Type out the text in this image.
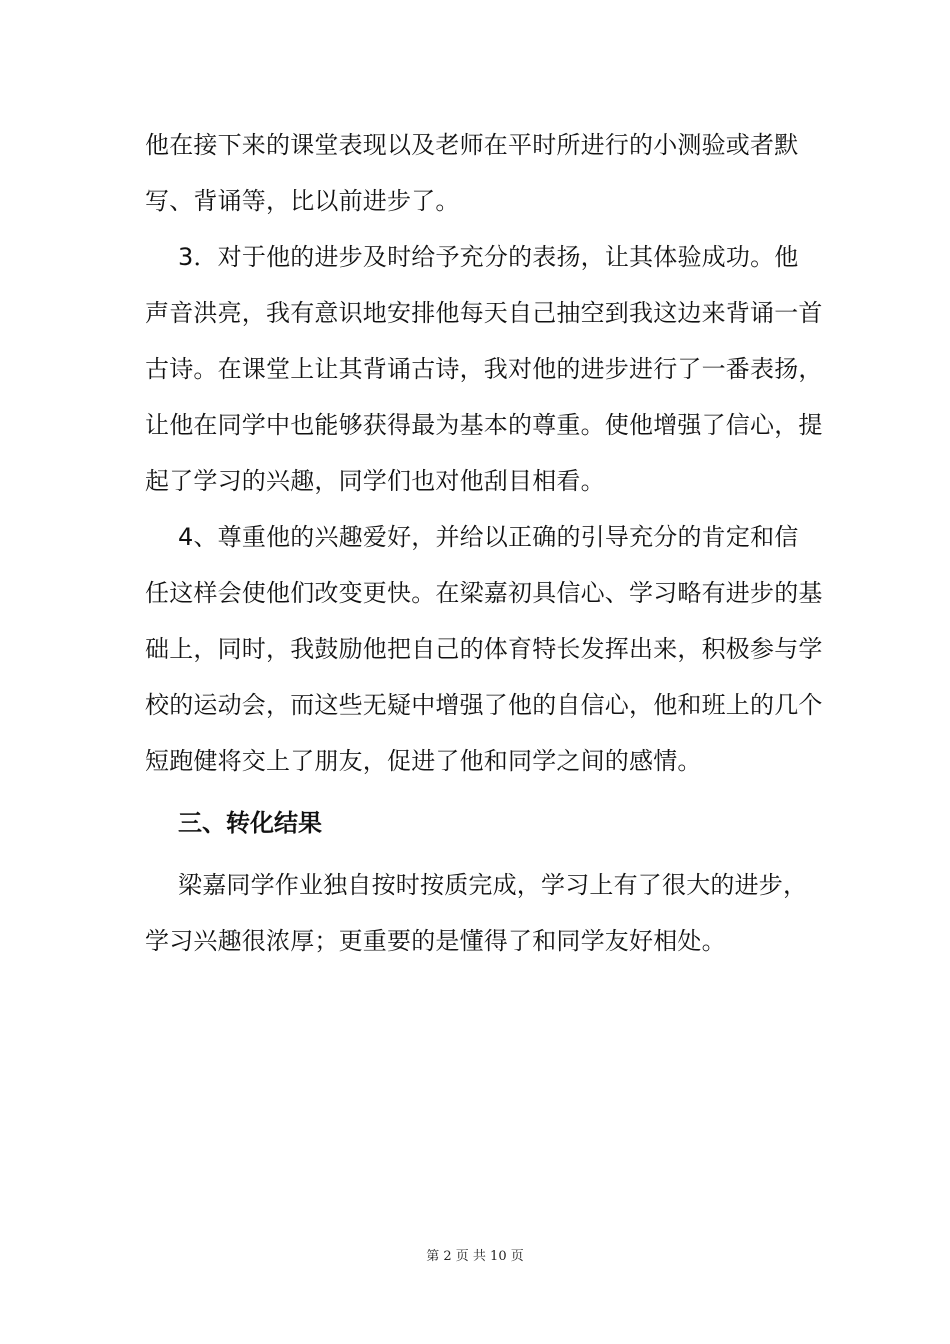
他在接下来的课堂表现以及老师在平时所进行的小测验或者默
写、背诵等，比以前进步了。
3．对于他的进步及时给予充分的表扬，让其体验成功。他
声音洪亮，我有意识地安排他每天自己抽空到我这边来背诵一首
古诗。在课堂上让其背诵古诗，我对他的进步进行了一番表扬，
让他在同学中也能够获得最为基本的尊重。使他增强了信心，提
起了学习的兴趣，同学们也对他刮目相看。
4、尊重他的兴趣爱好，并给以正确的引导充分的肯定和信
任这样会使他们改变更快。在梁嘉初具信心、学习略有进步的基
础上，同时，我鼓励他把自己的体育特长发挥出来，积极参与学
校的运动会，而这些无疑中增强了他的自信心，他和班上的几个
短跑健将交上了朋友，促进了他和同学之间的感情。
三、转化结果
梁嘉同学作业独自按时按质完成，学习上有了很大的进步，
学习兴趣很浓厚；更重要的是懂得了和同学友好相处。
第 2 页 共 10 页
